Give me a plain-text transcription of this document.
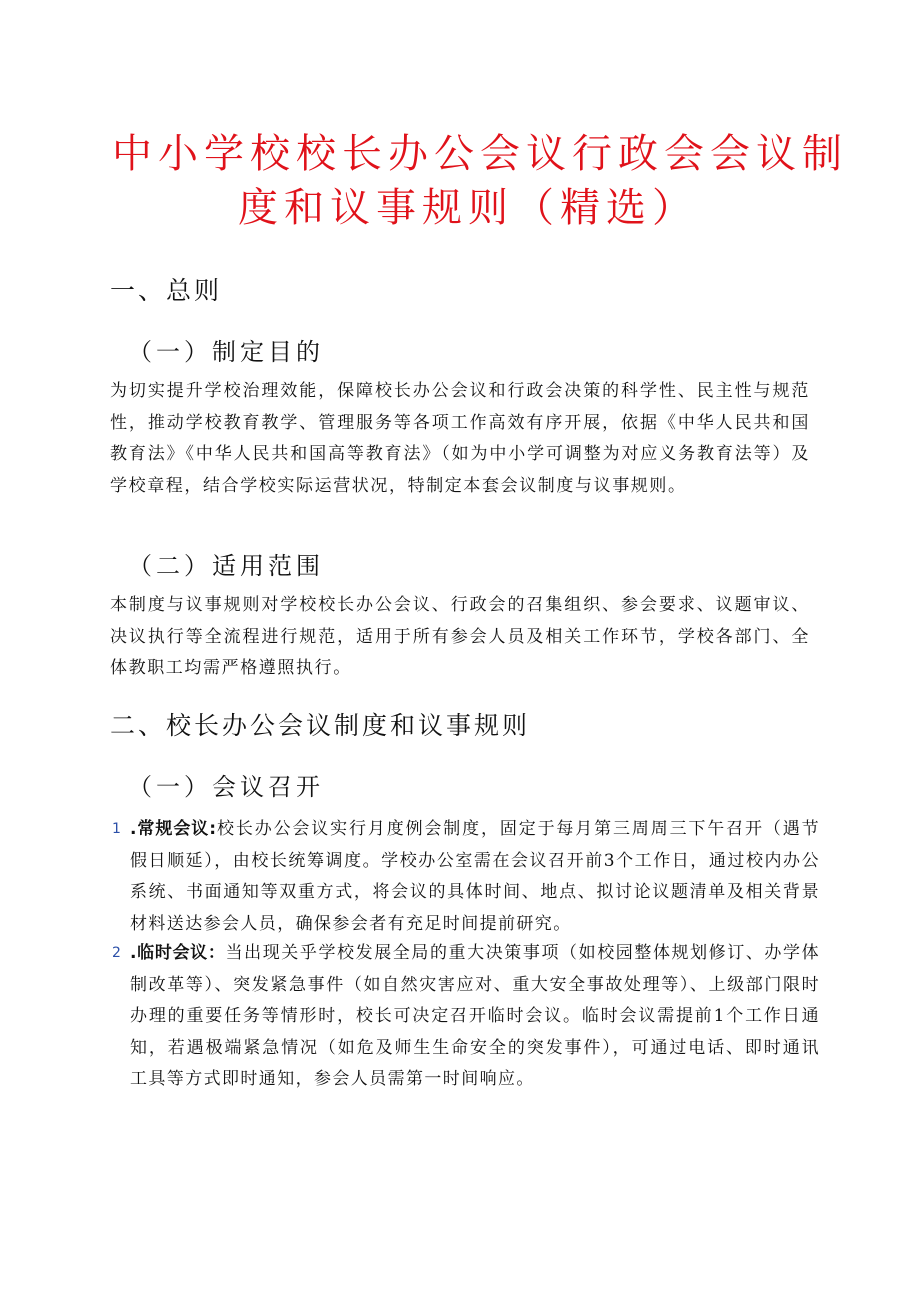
中小学校校长办公会议行政会会议制
度和议事规则（精选）
一、总则
（一）制定目的
为切实提升学校治理效能，保障校长办公会议和行政会决策的科学性、民主性与规范性，推动学校教育教学、管理服务等各项工作高效有序开展，依据《中华人民共和国教育法》《中华人民共和国高等教育法》（如为中小学可调整为对应义务教育法等）及学校章程，结合学校实际运营状况，特制定本套会议制度与议事规则。
（二）适用范围
本制度与议事规则对学校校长办公会议、行政会的召集组织、参会要求、议题审议、决议执行等全流程进行规范，适用于所有参会人员及相关工作环节，学校各部门、全体教职工均需严格遵照执行。
二、校长办公会议制度和议事规则
（一）会议召开
1 .常规会议:校长办公会议实行月度例会制度，固定于每月第三周周三下午召开（遇节假日顺延），由校长统筹调度。学校办公室需在会议召开前3个工作日，通过校内办公系统、书面通知等双重方式，将会议的具体时间、地点、拟讨论议题清单及相关背景材料送达参会人员，确保参会者有充足时间提前研究。
2 .临时会议：当出现关乎学校发展全局的重大决策事项（如校园整体规划修订、办学体制改革等）、突发紧急事件（如自然灾害应对、重大安全事故处理等）、上级部门限时办理的重要任务等情形时，校长可决定召开临时会议。临时会议需提前1个工作日通知，若遇极端紧急情况（如危及师生生命安全的突发事件），可通过电话、即时通讯工具等方式即时通知，参会人员需第一时间响应。
